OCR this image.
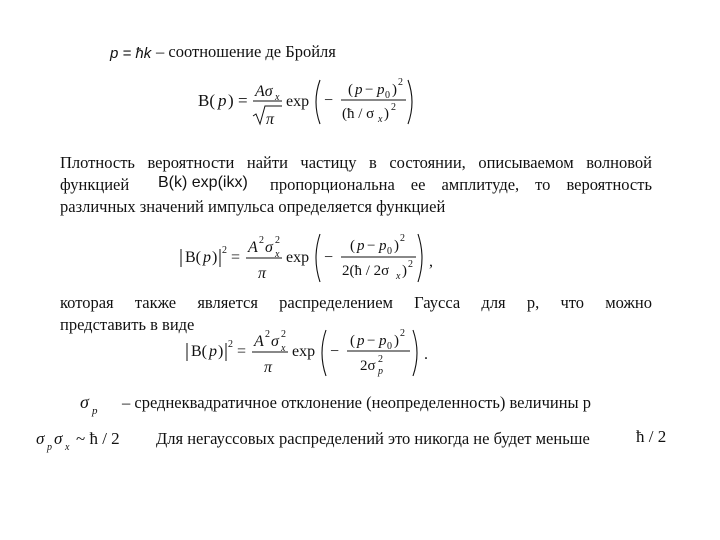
p = ħk – соотношение де Бройля
B( p ) = Aσ x
π
exp −
( p − p 0 ) 2
(ħ / σ x ) 2
Плотность вероятности найти частицу в состоянии, описываемом волновой
функцией B(k) exp(ikx) пропорциональна ее амплитуде, то вероятность
различных значений импульса определяется функцией
B( p ) 2 =
A 2 σ 2
x
π
exp −
( p − p 0 ) 2
2(ħ / 2σ x ) 2 ,
которая также является распределением Гаусса для p, что можно
представить в виде
B( p ) 2 =
A 2 σ 2
x
π
exp −
( p − p 0 ) 2
2σ 2
p
.
σ p – среднеквадратичное отклонение (неопределенность) величины p
σ p σ x ~ ħ / 2 Для негауссовых распределений это никогда не будет меньше	ħ / 2
